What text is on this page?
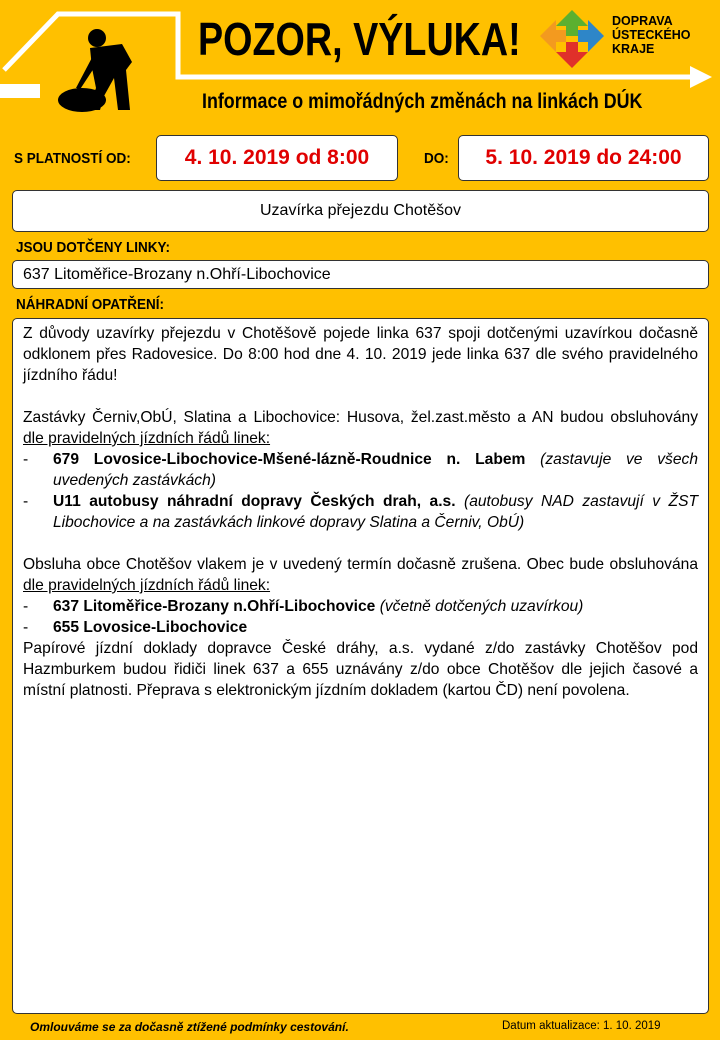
POZOR, VÝLUKA!
Informace o mimořádných změnách na linkách DÚK
DOPRAVA
ÚSTECKÉHO
KRAJE
S PLATNOSTÍ OD:	4. 10. 2019 od 8:00	DO: 5. 10. 2019 do 24:00
Uzavírka přejezdu Chotěšov
JSOU DOTČENY LINKY:
637 Litoměřice-Brozany n.Ohří-Libochovice
NÁHRADNÍ OPATŘENÍ:

Z důvody uzavírky přejezdu v Chotěšově pojede linka 637 spoji dotčenými uzavírkou dočasně odklonem přes Radovesice. Do 8:00 hod dne 4. 10. 2019 jede linka 637 dle svého pravidelného jízdního řádu!

Zastávky Černiv,ObÚ, Slatina a Libochovice: Husova, žel.zast.město a AN budou obsluhovány dle pravidelných jízdních řádů linek:

-	679 Lovosice-Libochovice-Mšené-lázně-Roudnice n. Labem (zastavuje ve všech uvedených zastávkách)
-	U11 autobusy náhradní dopravy Českých drah, a.s. (autobusy NAD zastavují v ŽST Libochovice a na zastávkách linkové dopravy Slatina a Černiv, ObÚ)

Obsluha obce Chotěšov vlakem je v uvedený termín dočasně zrušena. Obec bude obsluhována dle pravidelných jízdních řádů linek:

-	637 Litoměřice-Brozany n.Ohří-Libochovice (včetně dotčených uzavírkou)
-	655 Lovosice-Libochovice

Papírové jízdní doklady dopravce České dráhy, a.s. vydané z/do zastávky Chotěšov pod Hazmburkem budou řidiči linek 637 a 655 uznávány z/do obce Chotěšov dle jejich časové a místní platnosti. Přeprava s elektronickým jízdním dokladem (kartou ČD) není povolena.

Omlouváme se za dočasně ztížené podmínky cestování.	Datum aktualizace: 1. 10. 2019
